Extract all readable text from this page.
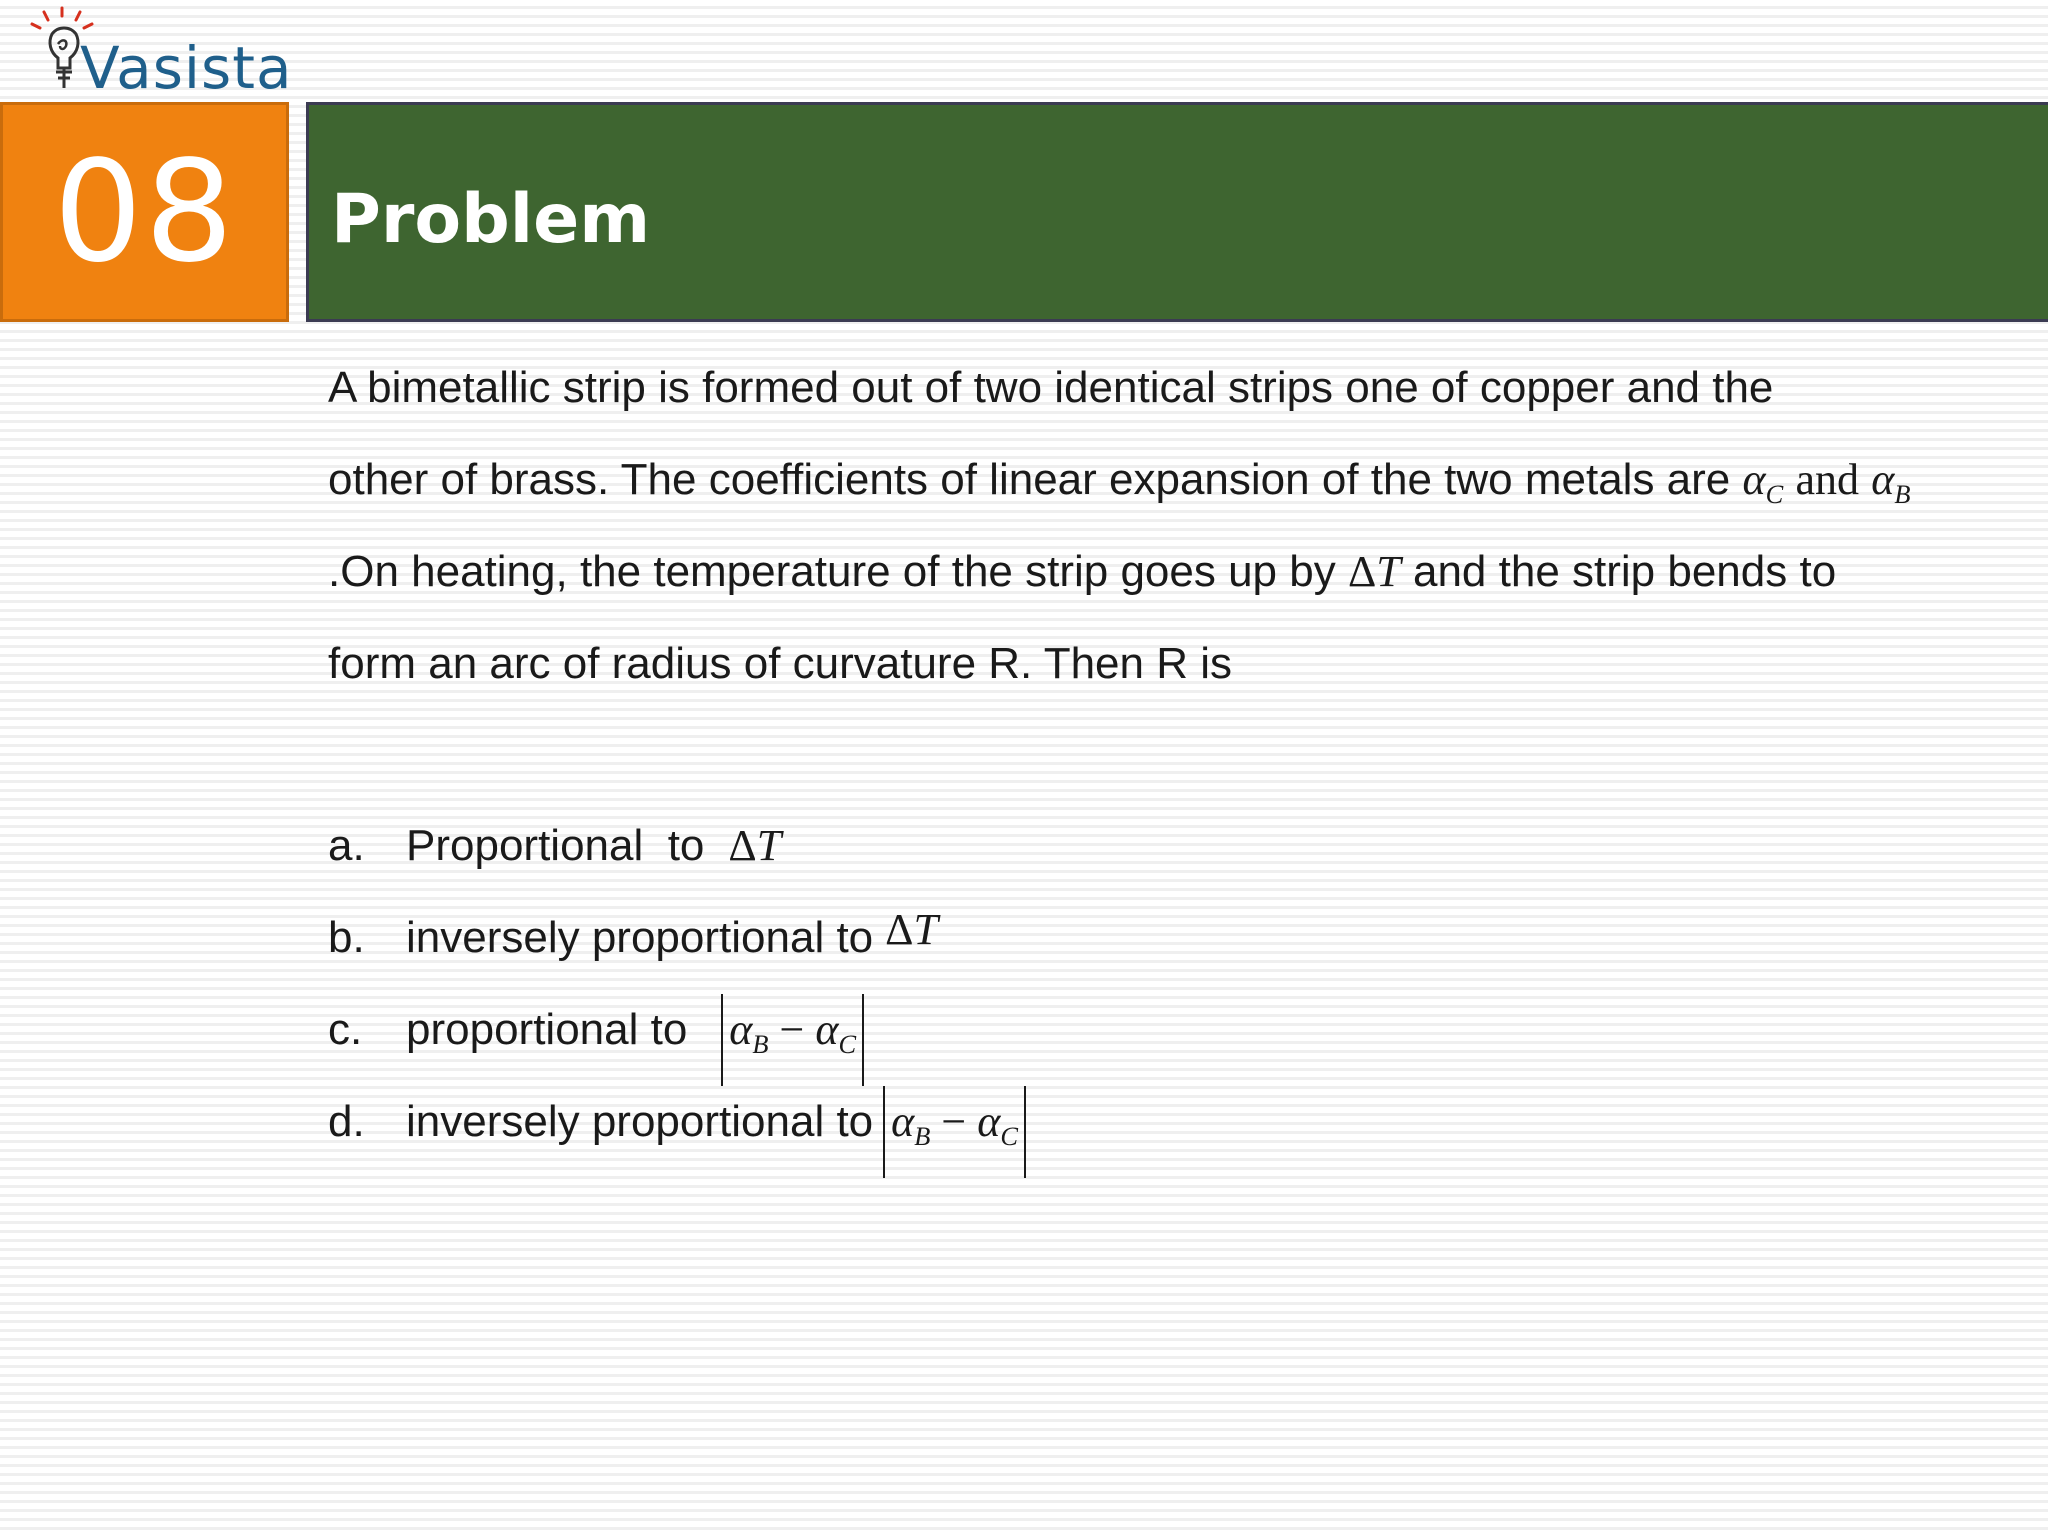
Vasista
08	Problem
A bimetallic strip is formed out of two identical strips one of copper and the
other of brass. The coefficients of linear expansion of the two metals are $\alpha_C$ and $\alpha_B$
.On heating, the temperature of the strip goes up by ΔT and the strip bends to
form an arc of radius of curvature R. Then R is
a. Proportional  to ΔT
b. inversely proportional to ΔT
c. proportional to $\alpha_B - \alpha_C$
d. inversely proportional to $\alpha_B - \alpha_C$
